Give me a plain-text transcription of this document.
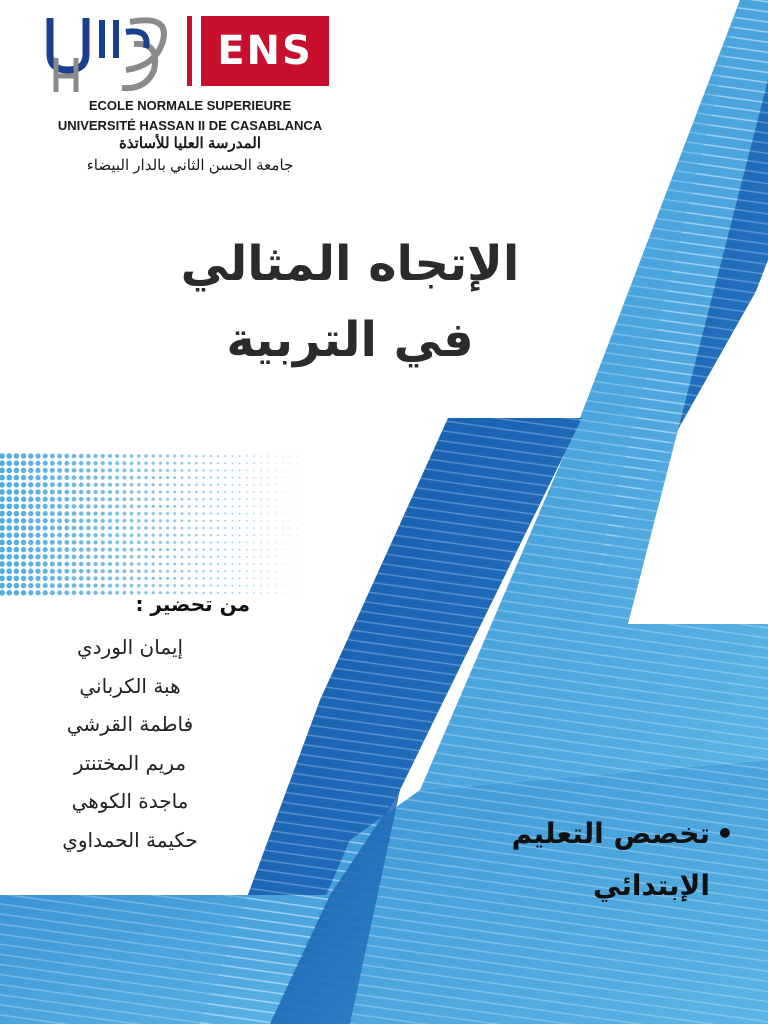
ENS
ECOLE NORMALE SUPERIEURE
UNIVERSITÉ HASSAN II DE CASABLANCA
المدرسة العليا للأساتذة
جامعة الحسن الثاني بالدار البيضاء
الإتجاه المثالي
في التربية
من تحضير :
إيمان الوردي
هبة الكرباني
فاطمة القرشي
مريم المختنتر
ماجدة الكوهي
حكيمة الحمداوي	•
تخصص التعليم
الإبتدائي
